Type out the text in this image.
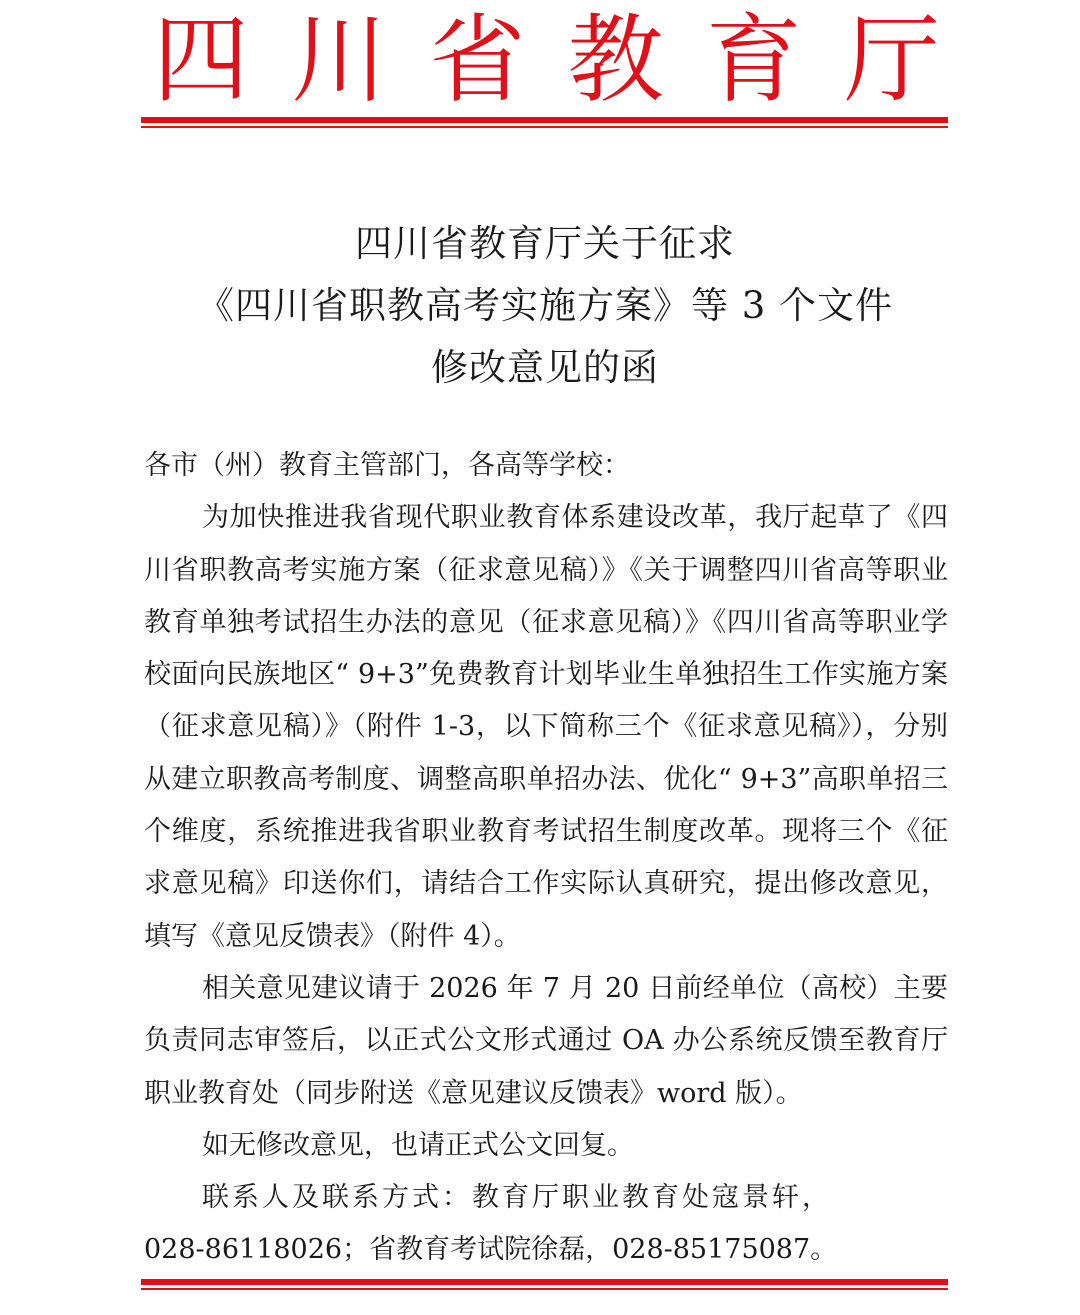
四 川 省 教 育 厅
四川省教育厅关于征求
《四川省职教高考实施方案》等 3 个文件
修改意见的函

各市（州）教育主管部门，各高等学校：

为加快推进我省现代职业教育体系建设改革，我厅起草了《四川省职教高考实施方案（征求意见稿）》《关于调整四川省高等职业教育单独考试招生办法的意见（征求意见稿）》《四川省高等职业学校面向民族地区“ 9+3”免费教育计划毕业生单独招生工作实施方案（征求意见稿）》（附件 1-3，以下简称三个《征求意见稿》），分别从建立职教高考制度、调整高职单招办法、优化“ 9+3”高职单招三个维度，系统推进我省职业教育考试招生制度改革。现将三个《征求意见稿》印送你们，请结合工作实际认真研究，提出修改意见，填写《意见反馈表》（附件 4）。

相关意见建议请于 2026 年 7 月 20 日前经单位（高校）主要负责同志审签后，以正式公文形式通过 OA 办公系统反馈至教育厅职业教育处（同步附送《意见建议反馈表》word 版）。

如无修改意见，也请正式公文回复。

联系人及联系方式：教育厅职业教育处寇景轩，

028-86118026；省教育考试院徐磊，028-85175087。
